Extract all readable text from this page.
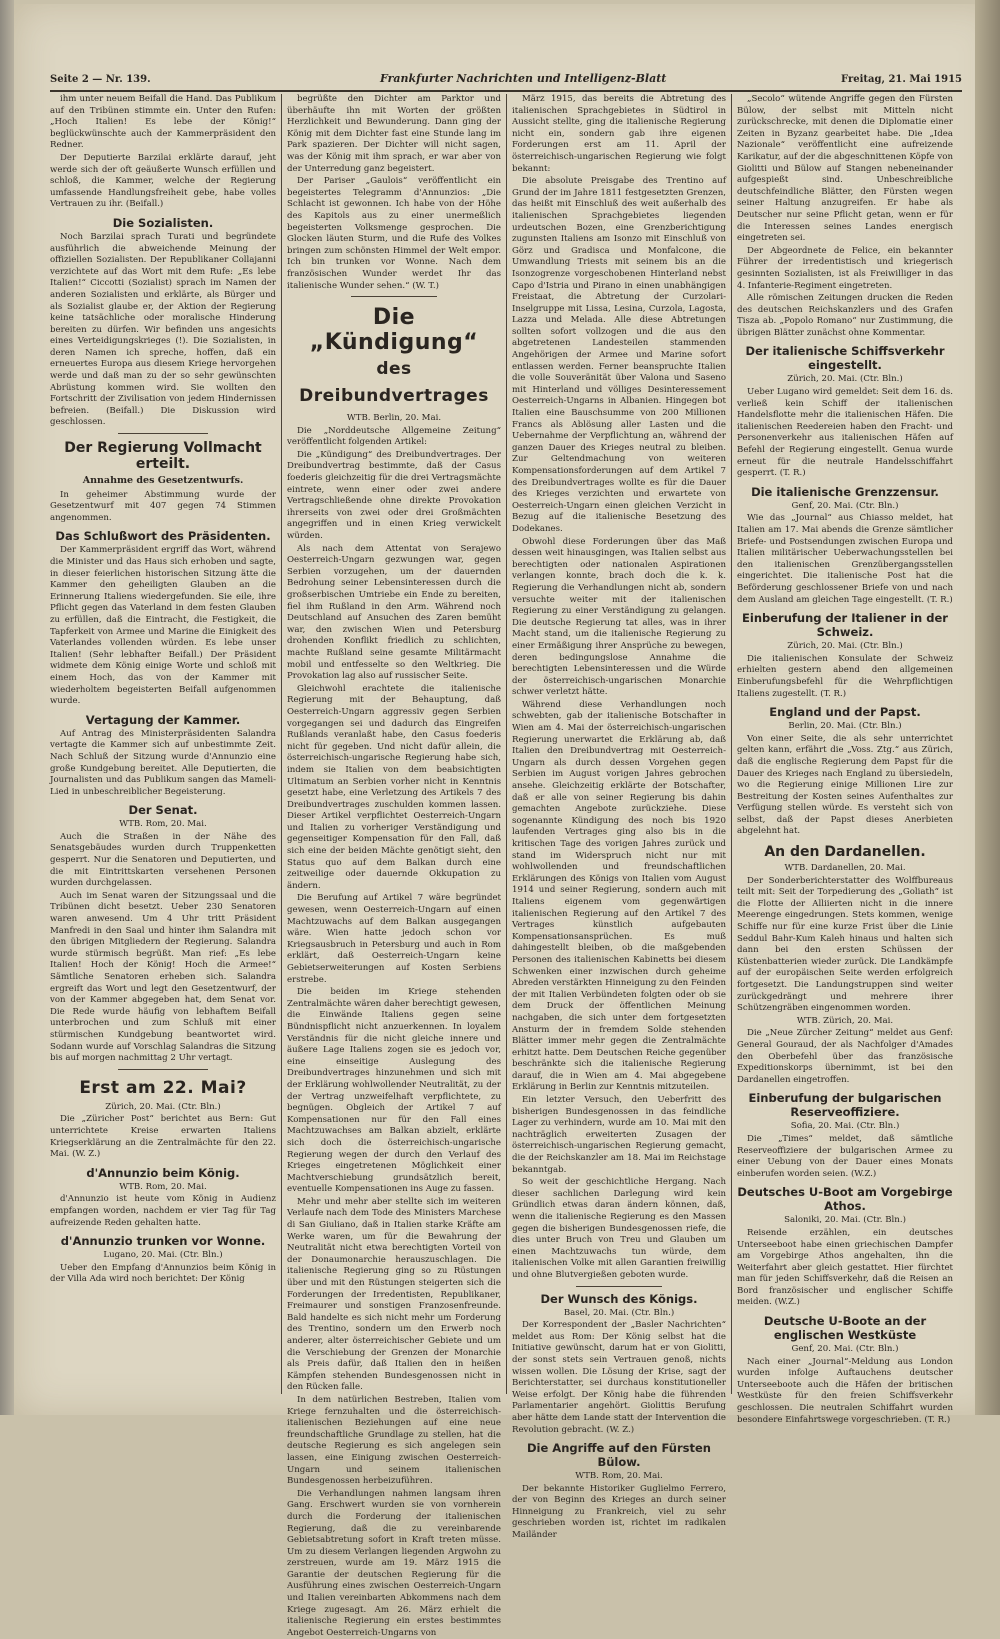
Seite 2 — Nr. 139.	Frankfurter Nachrichten und Intelligenz-Blatt	Freitag, 21. Mai 1915

ihm unter neuem Beifall die Hand. Das Publikum auf den Tribünen stimmte ein. Unter den Rufen: „Hoch Italien! Es lebe der König!“ beglückwünschte auch der Kammerpräsident den Redner.

Der Deputierte Barzilai erklärte darauf, jeht werde sich der oft geäußerte Wunsch erfüllen und schloß, die Kammer, welche der Regierung umfassende Handlungsfreiheit gebe, habe volles Vertrauen zu ihr. (Beifall.)

Die Sozialisten.

Noch Barzilai sprach Turati und begründete ausführlich die abweichende Meinung der offiziellen Sozialisten. Der Republikaner Collajanni verzichtete auf das Wort mit dem Rufe: „Es lebe Italien!“ Ciccotti (Sozialist) sprach im Namen der anderen Sozialisten und erklärte, als Bürger und als Sozialist glaube er, der Aktion der Regierung keine tatsächliche oder moralische Hinderung bereiten zu dürfen. Wir befinden uns angesichts eines Verteidigungskrieges (!). Die Sozialisten, in deren Namen ich spreche, hoffen, daß ein erneuertes Europa aus diesem Kriege hervorgehen werde und daß man zu der so sehr gewünschten Abrüstung kommen wird. Sie wollten den Fortschritt der Zivilisation von jedem Hindernissen befreien. (Beifall.) Die Diskussion wird geschlossen.

Der Regierung Vollmacht erteilt.
Annahme des Gesetzentwurfs.

In geheimer Abstimmung wurde der Gesetzentwurf mit 407 gegen 74 Stimmen angenommen.

Das Schlußwort des Präsidenten.

Der Kammerpräsident ergriff das Wort, während die Minister und das Haus sich erhoben und sagte, in dieser feierlichen historischen Sitzung ätte die Kammer den geheiligten Glauben an die Erinnerung Italiens wiedergefunden. Sie eile, ihre Pflicht gegen das Vaterland in dem festen Glauben zu erfüllen, daß die Eintracht, die Festigkeit, die Tapferkeit von Armee und Marine die Einigkeit des Vaterlandes vollenden würden. Es lebe unser Italien! (Sehr lebhafter Beifall.) Der Präsident widmete dem König einige Worte und schloß mit einem Hoch, das von der Kammer mit wiederholtem begeisterten Beifall aufgenommen wurde.

Vertagung der Kammer.

Auf Antrag des Ministerpräsidenten Salandra vertagte die Kammer sich auf unbestimmte Zeit. Nach Schluß der Sitzung wurde d'Annunzio eine große Kundgebung bereitet. Alle Deputierten, die Journalisten und das Publikum sangen das Mameli-Lied in unbeschreiblicher Begeisterung.

Der Senat.
WTB. Rom, 20. Mai.

Auch die Straßen in der Nähe des Senatsgebäudes wurden durch Truppenketten gesperrt. Nur die Senatoren und Deputierten, und die mit Eintrittskarten versehenen Personen wurden durchgelassen.

Auch im Senat waren der Sitzungssaal und die Tribünen dicht besetzt. Ueber 230 Senatoren waren anwesend. Um 4 Uhr tritt Präsident Manfredi in den Saal und hinter ihm Salandra mit den übrigen Mitgliedern der Regierung. Salandra wurde stürmisch begrüßt. Man rief: „Es lebe Italien! Hoch der König! Hoch die Armee!“ Sämtliche Senatoren erheben sich. Salandra ergreift das Wort und legt den Gesetzentwurf, der von der Kammer abgegeben hat, dem Senat vor. Die Rede wurde häufig von lebhaftem Beifall unterbrochen und zum Schluß mit einer stürmischen Kundgebung beantwortet wird. Sodann wurde auf Vorschlag Salandras die Sitzung bis auf morgen nachmittag 2 Uhr vertagt.

Erst am 22. Mai?
Zürich, 20. Mai. (Ctr. Bln.)

Die „Züricher Post“ berichtet aus Bern: Gut unterrichtete Kreise erwarten Italiens Kriegserklärung an die Zentralmächte für den 22. Mai. (W. Z.)

d'Annunzio beim König.
WTB. Rom, 20. Mai.

d'Annunzio ist heute vom König in Audienz empfangen worden, nachdem er vier Tag für Tag aufreizende Reden gehalten hatte.

d'Annunzio trunken vor Wonne.
Lugano, 20. Mai. (Ctr. Bln.)

Ueber den Empfang d'Annunzios beim König in der Villa Ada wird noch berichtet: Der König

begrüßte den Dichter am Parktor und überhäufte ihn mit Worten der größten Herzlichkeit und Bewunderung. Dann ging der König mit dem Dichter fast eine Stunde lang im Park spazieren. Der Dichter will nicht sagen, was der König mit ihm sprach, er war aber von der Unterredung ganz begeistert.

Der Pariser „Gaulois“ veröffentlicht ein begeistertes Telegramm d'Annunzios: „Die Schlacht ist gewonnen. Ich habe von der Höhe des Kapitols aus zu einer unermeßlich begeisterten Volksmenge gesprochen. Die Glocken läuten Sturm, und die Rufe des Volkes bringen zum schönsten Himmel der Welt empor. Ich bin trunken vor Wonne. Nach dem französischen Wunder werdet Ihr das italienische Wunder sehen.“ (W. T.)

Die „Kündigung“
des Dreibundvertrages
WTB. Berlin, 20. Mai.

Die „Norddeutsche Allgemeine Zeitung“ veröffentlicht folgenden Artikel:

Die „Kündigung“ des Dreibundvertrages. Der Dreibundvertrag bestimmte, daß der Casus foederis gleichzeitig für die drei Vertragsmächte eintrete, wenn einer oder zwei andere Vertragschließende ohne direkte Provokation ihrerseits von zwei oder drei Großmächten angegriffen und in einen Krieg verwickelt würden.

Als nach dem Attentat von Serajewo Oesterreich-Ungarn gezwungen war, gegen Serbien vorzugehen, um der dauernden Bedrohung seiner Lebensinteressen durch die großserbischen Umtriebe ein Ende zu bereiten, fiel ihm Rußland in den Arm. Während noch Deutschland auf Ansuchen des Zaren bemüht war, den zwischen Wien und Petersburg drohenden Konflikt friedlich zu schlichten, machte Rußland seine gesamte Militärmacht mobil und entfesselte so den Weltkrieg. Die Provokation lag also auf russischer Seite.

Gleichwohl erachtete die italienische Regierung mit der Behauptung, daß Oesterreich-Ungarn aggressiv gegen Serbien vorgegangen sei und dadurch das Eingreifen Rußlands veranlaßt habe, den Casus foederis nicht für gegeben. Und nicht dafür allein, die österreichisch-ungarische Regierung habe sich, indem sie Italien von dem beabsichtigten Ultimatum an Serbien vorher nicht in Kenntnis gesetzt habe, eine Verletzung des Artikels 7 des Dreibundvertrages zuschulden kommen lassen. Dieser Artikel verpflichtet Oesterreich-Ungarn und Italien zu vorheriger Verständigung und gegenseitiger Kompensation für den Fall, daß sich eine der beiden Mächte genötigt sieht, den Status quo auf dem Balkan durch eine zeitweilige oder dauernde Okkupation zu ändern.

Die Berufung auf Artikel 7 wäre begründet gewesen, wenn Oesterreich-Ungarn auf einen Machtzuwachs auf dem Balkan ausgegangen wäre. Wien hatte jedoch schon vor Kriegsausbruch in Petersburg und auch in Rom erklärt, daß Oesterreich-Ungarn keine Gebietserweiterungen auf Kosten Serbiens erstrebe.

Die beiden im Kriege stehenden Zentralmächte wären daher berechtigt gewesen, die Einwände Italiens gegen seine Bündnispflicht nicht anzuerkennen. In loyalem Verständnis für die nicht gleiche innere und äußere Lage Italiens zogen sie es jedoch vor, eine einseitige Auslegung des Dreibundvertrages hinzunehmen und sich mit der Erklärung wohlwollender Neutralität, zu der der Vertrag unzweifelhaft verpflichtete, zu begnügen. Obgleich der Artikel 7 auf Kompensationen nur für den Fall eines Machtzuwachses am Balkan abzielt, erklärte sich doch die österreichisch-ungarische Regierung wegen der durch den Verlauf des Krieges eingetretenen Möglichkeit einer Machtverschiebung grundsätzlich bereit, eventuelle Kompensationen ins Auge zu fassen.

Mehr und mehr aber stellte sich im weiteren Verlaufe nach dem Tode des Ministers Marchese di San Giuliano, daß in Italien starke Kräfte am Werke waren, um für die Bewahrung der Neutralität nicht etwa berechtigten Vorteil von der Donaumonarchie herauszuschlagen. Die italienische Regierung ging so zu Rüstungen über und mit den Rüstungen steigerten sich die Forderungen der Irredentisten, Republikaner, Freimaurer und sonstigen Franzosenfreunde. Bald handelte es sich nicht mehr um Forderung des Trentino, sondern um den Erwerb noch anderer, alter österreichischer Gebiete und um die Verschiebung der Grenzen der Monarchie als Preis dafür, daß Italien den in heißen Kämpfen stehenden Bundesgenossen nicht in den Rücken falle.

In dem natürlichen Bestreben, Italien vom Kriege fernzuhalten und die österreichisch-italienischen Beziehungen auf eine neue freundschaftliche Grundlage zu stellen, hat die deutsche Regierung es sich angelegen sein lassen, eine Einigung zwischen Oesterreich-Ungarn und seinem italienischen Bundesgenossen herbeizuführen.

Die Verhandlungen nahmen langsam ihren Gang. Erschwert wurden sie von vornherein durch die Forderung der italienischen Regierung, daß die zu vereinbarende Gebietsabtretung sofort in Kraft treten müsse. Um zu diesem Verlangen liegenden Argwohn zu zerstreuen, wurde am 19. März 1915 die Garantie der deutschen Regierung für die Ausführung eines zwischen Oesterreich-Ungarn und Italien vereinbarten Abkommens nach dem Kriege zugesagt. Am 26. März erhielt die italienische Regierung ein erstes bestimmtes Angebot Oesterreich-Ungarns von

März 1915, das bereits die Abtretung des italienischen Sprachgebietes in Südtirol in Aussicht stellte, ging die italienische Regierung nicht ein, sondern gab ihre eigenen Forderungen erst am 11. April der österreichisch-ungarischen Regierung wie folgt bekannt:

Die absolute Preisgabe des Trentino auf Grund der im Jahre 1811 festgesetzten Grenzen, das heißt mit Einschluß des weit außerhalb des italienischen Sprachgebietes liegenden urdeutschen Bozen, eine Grenzberichtigung zugunsten Italiens am Isonzo mit Einschluß von Görz und Gradisca und Monfalcone, die Umwandlung Triests mit seinem bis an die Isonzogrenze vorgeschobenen Hinterland nebst Capo d'Istria und Pirano in einen unabhängigen Freistaat, die Abtretung der Curzolari-Inselgruppe mit Lissa, Lesina, Curzola, Lagosta, Lazza und Melada. Alle diese Abtretungen sollten sofort vollzogen und die aus den abgetretenen Landesteilen stammenden Angehörigen der Armee und Marine sofort entlassen werden. Ferner beanspruchte Italien die volle Souveränität über Valona und Saseno mit Hinterland und völliges Desinteressement Oesterreich-Ungarns in Albanien. Hingegen bot Italien eine Bauschsumme von 200 Millionen Francs als Ablösung aller Lasten und die Uebernahme der Verpflichtung an, während der ganzen Dauer des Krieges neutral zu bleiben. Zur Geltendmachung von weiteren Kompensationsforderungen auf dem Artikel 7 des Dreibundvertrages wollte es für die Dauer des Krieges verzichten und erwartete von Oesterreich-Ungarn einen gleichen Verzicht in Bezug auf die italienische Besetzung des Dodekanes.

Obwohl diese Forderungen über das Maß dessen weit hinausgingen, was Italien selbst aus berechtigten oder nationalen Aspirationen verlangen konnte, brach doch die k. k. Regierung die Verhandlungen nicht ab, sondern versuchte weiter mit der italienischen Regierung zu einer Verständigung zu gelangen. Die deutsche Regierung tat alles, was in ihrer Macht stand, um die italienische Regierung zu einer Ermäßigung ihrer Ansprüche zu bewegen, deren bedingungslose Annahme die berechtigten Lebensinteressen und die Würde der österreichisch-ungarischen Monarchie schwer verletzt hätte.

Während diese Verhandlungen noch schwebten, gab der italienische Botschafter in Wien am 4. Mai der österreichisch-ungarischen Regierung unerwartet die Erklärung ab, daß Italien den Dreibundvertrag mit Oesterreich-Ungarn als durch dessen Vorgehen gegen Serbien im August vorigen Jahres gebrochen ansehe. Gleichzeitig erklärte der Botschafter, daß er alle von seiner Regierung bis dahin gemachten Angebote zurückziehe. Diese sogenannte Kündigung des noch bis 1920 laufenden Vertrages ging also bis in die kritischen Tage des vorigen Jahres zurück und stand im Widerspruch nicht nur mit wohlwollenden und freundschaftlichen Erklärungen des Königs von Italien vom August 1914 und seiner Regierung, sondern auch mit Italiens eigenem vom gegenwärtigen italienischen Regierung auf den Artikel 7 des Vertrages künstlich aufgebauten Kompensationsansprüchen. Es muß dahingestellt bleiben, ob die maßgebenden Personen des italienischen Kabinetts bei diesem Schwenken einer inzwischen durch geheime Abreden verstärkten Hinneigung zu den Feinden der mit Italien Verbündeten folgten oder ob sie dem Druck der öffentlichen Meinung nachgaben, die sich unter dem fortgesetzten Ansturm der in fremdem Solde stehenden Blätter immer mehr gegen die Zentralmächte erhitzt hatte. Dem Deutschen Reiche gegenüber beschränkte sich die italienische Regierung darauf, die in Wien am 4. Mai abgegebene Erklärung in Berlin zur Kenntnis mitzuteilen.

Ein letzter Versuch, den Ueberfritt des bisherigen Bundesgenossen in das feindliche Lager zu verhindern, wurde am 10. Mai mit den nachträglich erweiterten Zusagen der österreichisch-ungarischen Regierung gemacht, die der Reichskanzler am 18. Mai im Reichstage bekanntgab.

So weit der geschichtliche Hergang. Nach dieser sachlichen Darlegung wird kein Gründlich etwas daran ändern können, daß, wenn die italienische Regierung es den Massen gegen die bisherigen Bundesgenossen riefe, die dies unter Bruch von Treu und Glauben um einen Machtzuwachs tun würde, dem italienischen Volke mit allen Garantien freiwillig und ohne Blutvergießen geboten wurde.

Der Wunsch des Königs.
Basel, 20. Mai. (Ctr. Bln.)

Der Korrespondent der „Basler Nachrichten“ meldet aus Rom: Der König selbst hat die Initiative gewünscht, darum hat er von Giolitti, der sonst stets sein Vertrauen genoß, nichts wissen wollen. Die Lösung der Krise, sagt der Berichterstatter, sei durchaus konstitutioneller Weise erfolgt. Der König habe die führenden Parlamentarier angehört. Giolittis Berufung aber hätte dem Lande statt der Intervention die Revolution gebracht. (W. Z.)

Die Angriffe auf den Fürsten Bülow.
WTB. Rom, 20. Mai.

Der bekannte Historiker Guglielmo Ferrero, der von Beginn des Krieges an durch seiner Hinneigung zu Frankreich, viel zu sehr geschrieben worden ist, richtet im radikalen Mailänder

„Secolo“ wütende Angriffe gegen den Fürsten Bülow, der selbst mit Mitteln nicht zurückschrecke, mit denen die Diplomatie einer Zeiten in Byzanz gearbeitet habe. Die „Idea Nazionale“ veröffentlicht eine aufreizende Karikatur, auf der die abgeschnittenen Köpfe von Giolitti und Bülow auf Stangen nebeneinander aufgespießt sind. Unbeschreibliche deutschfeindliche Blätter, den Fürsten wegen seiner Haltung anzugreifen. Er habe als Deutscher nur seine Pflicht getan, wenn er für die Interessen seines Landes energisch eingetreten sei.

Der Abgeordnete de Felice, ein bekannter Führer der irredentistisch und kriegerisch gesinnten Sozialisten, ist als Freiwilliger in das 4. Infanterie-Regiment eingetreten.

Alle römischen Zeitungen drucken die Reden des deutschen Reichskanzlers und des Grafen Tisza ab. „Popolo Romano“ nur Zustimmung, die übrigen Blätter zunächst ohne Kommentar.

Der italienische Schiffsverkehr eingestellt.
Zürich, 20. Mai. (Ctr. Bln.)

Ueber Lugano wird gemeldet: Seit dem 16. ds. verließ kein Schiff der italienischen Handelsflotte mehr die italienischen Häfen. Die italienischen Reedereien haben den Fracht- und Personenverkehr aus italienischen Häfen auf Befehl der Regierung eingestellt. Genua wurde erneut für die neutrale Handelsschiffahrt gesperrt. (T. R.)

Die italienische Grenzzensur.
Genf, 20. Mai. (Ctr. Bln.)

Wie das „Journal“ aus Chiasso meldet, hat Italien am 17. Mai abends die Grenze sämtlicher Briefe- und Postsendungen zwischen Europa und Italien militärischer Ueberwachungsstellen bei den italienischen Grenzübergangsstellen eingerichtet. Die italienische Post hat die Beförderung geschlossener Briefe von und nach dem Ausland am gleichen Tage eingestellt. (T. R.)

Einberufung der Italiener in der Schweiz.
Zürich, 20. Mai. (Ctr. Bln.)

Die italienischen Konsulate der Schweiz erhielten gestern abend den allgemeinen Einberufungsbefehl für die Wehrpflichtigen Italiens zugestellt. (T. R.)

England und der Papst.
Berlin, 20. Mai. (Ctr. Bln.)

Von einer Seite, die als sehr unterrichtet gelten kann, erfährt die „Voss. Ztg.“ aus Zürich, daß die englische Regierung dem Papst für die Dauer des Krieges nach England zu übersiedeln, wo die Regierung einige Millionen Lire zur Bestreitung der Kosten seines Aufenthaltes zur Verfügung stellen würde. Es versteht sich von selbst, daß der Papst dieses Anerbieten abgelehnt hat.

An den Dardanellen.
WTB. Dardanellen, 20. Mai.

Der Sonderberichterstatter des Wolffbureaus teilt mit: Seit der Torpedierung des „Goliath“ ist die Flotte der Alliierten nicht in die innere Meerenge eingedrungen. Stets kommen, wenige Schiffe nur für eine kurze Frist über die Linie Seddul Bahr-Kum Kaleh hinaus und halten sich dann bei den ersten Schüssen der Küstenbatterien wieder zurück. Die Landkämpfe auf der europäischen Seite werden erfolgreich fortgesetzt. Die Landungstruppen sind weiter zurückgedrängt und mehrere ihrer Schützengräben eingenommen worden.

WTB. Zürich, 20. Mai.

Die „Neue Zürcher Zeitung“ meldet aus Genf: General Gouraud, der als Nachfolger d'Amades den Oberbefehl über das französische Expeditionskorps übernimmt, ist bei den Dardanellen eingetroffen.

Einberufung der bulgarischen Reserveoffiziere.
Sofia, 20. Mai. (Ctr. Bln.)

Die „Times“ meldet, daß sämtliche Reserveoffiziere der bulgarischen Armee zu einer Uebung von der Dauer eines Monats einberufen worden seien. (W.Z.)

Deutsches U-Boot am Vorgebirge Athos.
Saloniki, 20. Mai. (Ctr. Bln.)

Reisende erzählen, ein deutsches Unterseeboot habe einen griechischen Dampfer am Vorgebirge Athos angehalten, ihn die Weiterfahrt aber gleich gestattet. Hier fürchtet man für jeden Schiffsverkehr, daß die Reisen an Bord französischer und englischer Schiffe meiden. (W.Z.)

Deutsche U-Boote an der englischen Westküste
Genf, 20. Mai. (Ctr. Bln.)

Nach einer „Journal“-Meldung aus London wurden infolge Auftauchens deutscher Unterseeboote auch die Häfen der britischen Westküste für den freien Schiffsverkehr geschlossen. Die neutralen Schiffahrt wurden besondere Einfahrtswege vorgeschrieben. (T. R.)
